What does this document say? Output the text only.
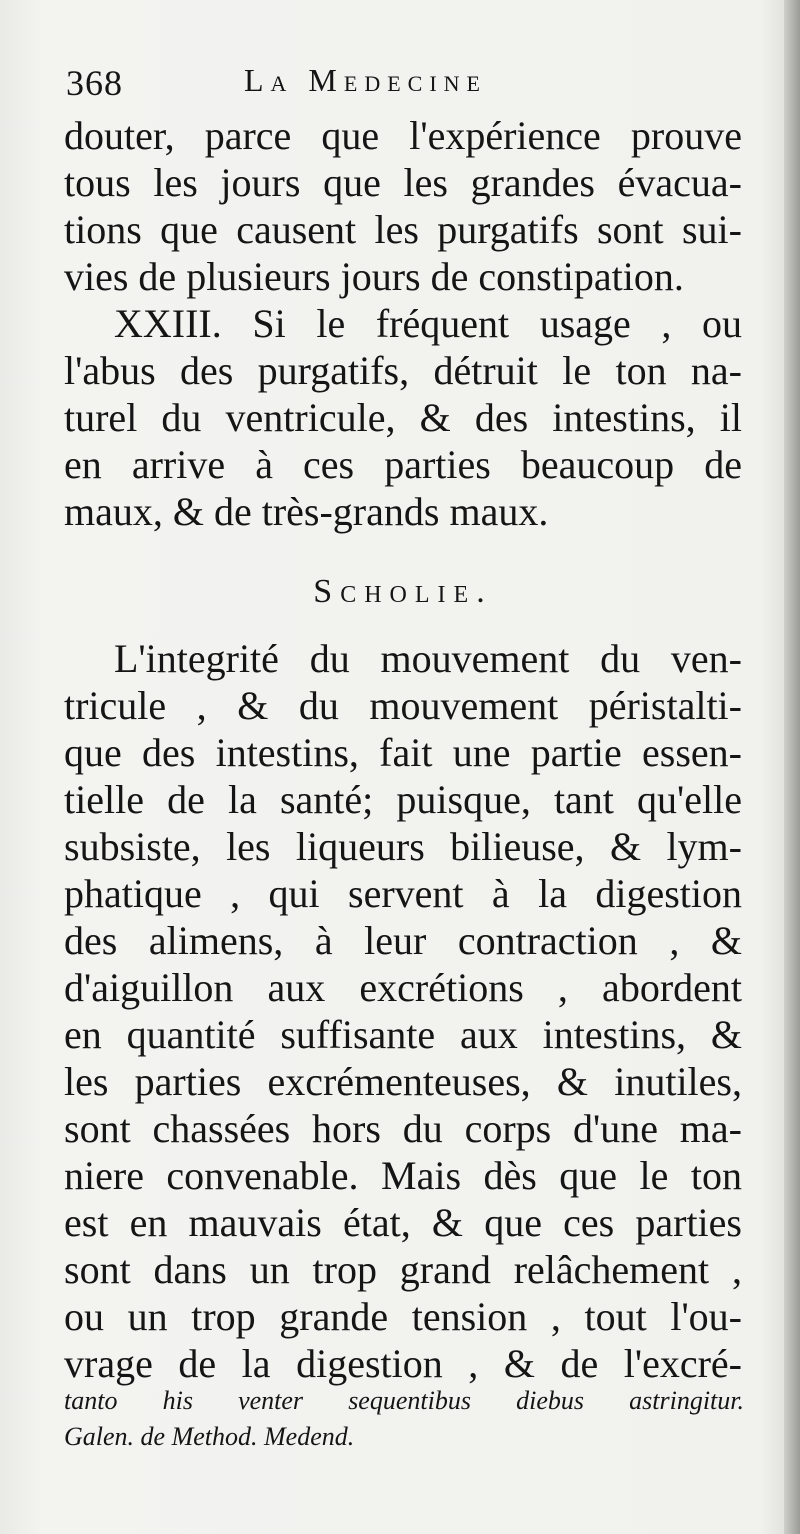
368	La Medecine
douter, parce que l'expérience prouve
tous les jours que les grandes évacua-
tions que causent les purgatifs sont sui-
vies de plusieurs jours de constipation.
XXIII. Si le fréquent usage , ou
l'abus des purgatifs, détruit le ton na-
turel du ventricule, & des intestins, il
en arrive à ces parties beaucoup de
maux, & de très-grands maux.
Scholie.
L'integrité du mouvement du ven-
tricule , & du mouvement péristalti-
que des intestins, fait une partie essen-
tielle de la santé; puisque, tant qu'elle
subsiste, les liqueurs bilieuse, & lym-
phatique , qui servent à la digestion
des alimens, à leur contraction , &
d'aiguillon aux excrétions , abordent
en quantité suffisante aux intestins, &
les parties excrémenteuses, & inutiles,
sont chassées hors du corps d'une ma-
niere convenable. Mais dès que le ton
est en mauvais état, & que ces parties
sont dans un trop grand relâchement ,
ou un trop grande tension , tout l'ou-
vrage de la digestion , & de l'excré-
tanto his venter sequentibus diebus astringitur.
Galen. de Method. Medend.
